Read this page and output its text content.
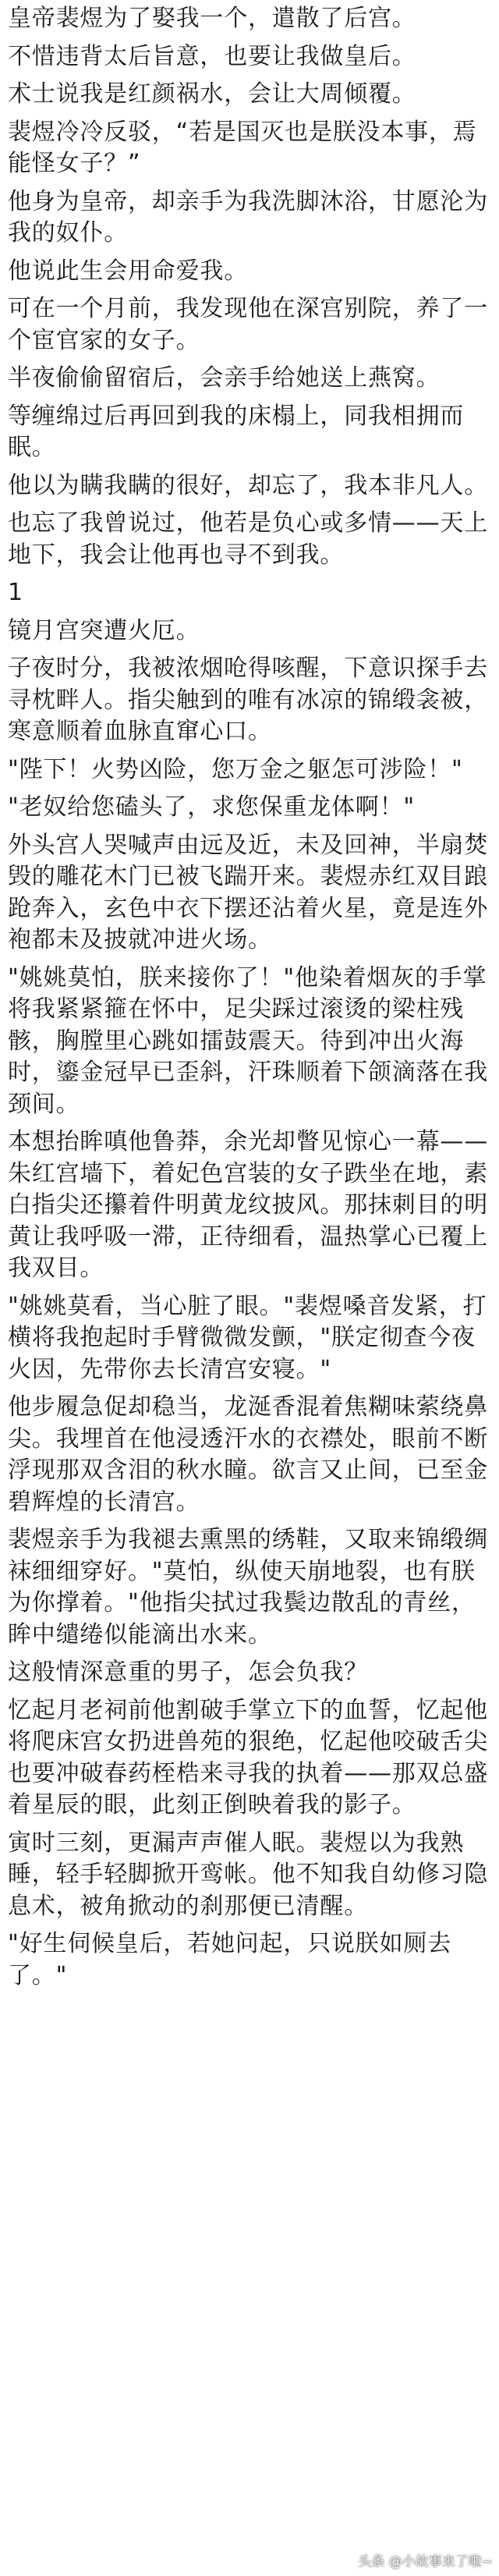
皇帝裴煜为了娶我一个，遣散了后宫。

不惜违背太后旨意，也要让我做皇后。

术士说我是红颜祸水，会让大周倾覆。

裴煜冷冷反驳，“若是国灭也是朕没本事，焉能怪女子？”

他身为皇帝，却亲手为我洗脚沐浴，甘愿沦为我的奴仆。

他说此生会用命爱我。

可在一个月前，我发现他在深宫别院，养了一个宦官家的女子。

半夜偷偷留宿后，会亲手给她送上燕窝。

等缠绵过后再回到我的床榻上，同我相拥而眠。

他以为瞒我瞒的很好，却忘了，我本非凡人。

也忘了我曾说过，他若是负心或多情——天上地下，我会让他再也寻不到我。

1

镜月宫突遭火厄。

子夜时分，我被浓烟呛得咳醒，下意识探手去寻枕畔人。指尖触到的唯有冰凉的锦缎衾被，寒意顺着血脉直窜心口。

"陛下！火势凶险，您万金之躯怎可涉险！"

"老奴给您磕头了，求您保重龙体啊！"

外头宫人哭喊声由远及近，未及回神，半扇焚毁的雕花木门已被飞踹开来。裴煜赤红双目踉跄奔入，玄色中衣下摆还沾着火星，竟是连外袍都未及披就冲进火场。

"姚姚莫怕，朕来接你了！"他染着烟灰的手掌将我紧紧箍在怀中，足尖踩过滚烫的梁柱残骸，胸膛里心跳如擂鼓震天。待到冲出火海时，鎏金冠早已歪斜，汗珠顺着下颌滴落在我颈间。

本想抬眸嗔他鲁莽，余光却瞥见惊心一幕——朱红宫墙下，着妃色宫装的女子跌坐在地，素白指尖还攥着件明黄龙纹披风。那抹刺目的明黄让我呼吸一滞，正待细看，温热掌心已覆上我双目。

"姚姚莫看，当心脏了眼。"裴煜嗓音发紧，打横将我抱起时手臂微微发颤，"朕定彻查今夜火因，先带你去长清宫安寝。"

他步履急促却稳当，龙涎香混着焦糊味萦绕鼻尖。我埋首在他浸透汗水的衣襟处，眼前不断浮现那双含泪的秋水瞳。欲言又止间，已至金碧辉煌的长清宫。

裴煜亲手为我褪去熏黑的绣鞋，又取来锦缎绸袜细细穿好。"莫怕，纵使天崩地裂，也有朕为你撑着。"他指尖拭过我鬓边散乱的青丝，眸中缱绻似能滴出水来。

这般情深意重的男子，怎会负我？

忆起月老祠前他割破手掌立下的血誓，忆起他将爬床宫女扔进兽苑的狠绝，忆起他咬破舌尖也要冲破春药桎梏来寻我的执着——那双总盛着星辰的眼，此刻正倒映着我的影子。

寅时三刻，更漏声声催人眠。裴煜以为我熟睡，轻手轻脚掀开鸾帐。他不知我自幼修习隐息术，被角掀动的刹那便已清醒。

"好生伺候皇后，若她问起，只说朕如厕去了。"

头条 @小故事来了啦~
